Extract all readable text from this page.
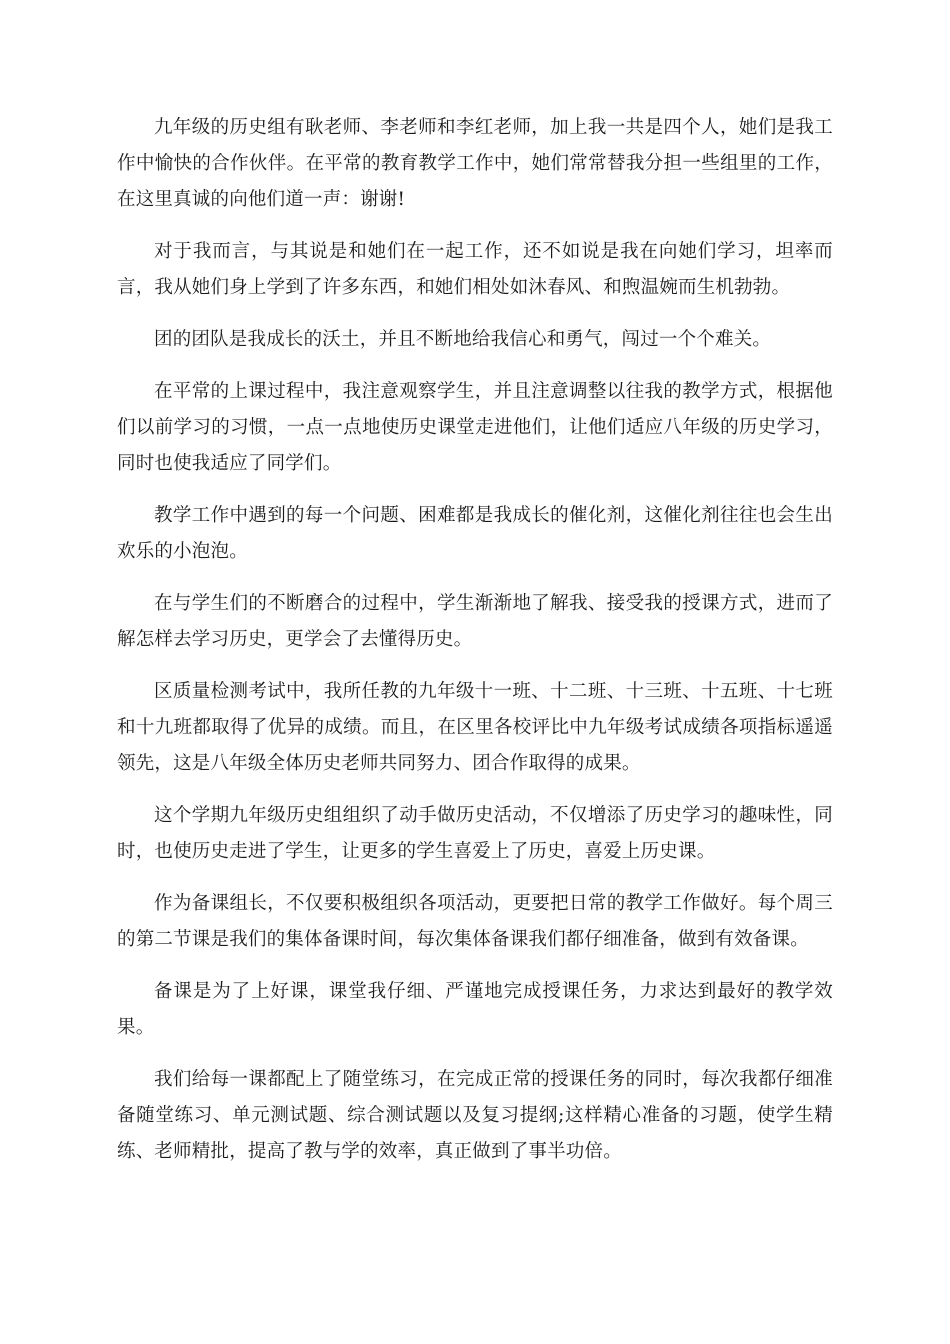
九年级的历史组有耿老师、李老师和李红老师，加上我一共是四个人，她们是我工作中愉快的合作伙伴。在平常的教育教学工作中，她们常常替我分担一些组里的工作，在这里真诚的向他们道一声：谢谢!

对于我而言，与其说是和她们在一起工作，还不如说是我在向她们学习，坦率而言，我从她们身上学到了许多东西，和她们相处如沐春风、和煦温婉而生机勃勃。

团的团队是我成长的沃土，并且不断地给我信心和勇气，闯过一个个难关。

在平常的上课过程中，我注意观察学生，并且注意调整以往我的教学方式，根据他们以前学习的习惯，一点一点地使历史课堂走进他们，让他们适应八年级的历史学习，同时也使我适应了同学们。

教学工作中遇到的每一个问题、困难都是我成长的催化剂，这催化剂往往也会生出欢乐的小泡泡。

在与学生们的不断磨合的过程中，学生渐渐地了解我、接受我的授课方式，进而了解怎样去学习历史，更学会了去懂得历史。

区质量检测考试中，我所任教的九年级十一班、十二班、十三班、十五班、十七班和十九班都取得了优异的成绩。而且，在区里各校评比中九年级考试成绩各项指标遥遥领先，这是八年级全体历史老师共同努力、团合作取得的成果。

这个学期九年级历史组组织了动手做历史活动，不仅增添了历史学习的趣味性，同时，也使历史走进了学生，让更多的学生喜爱上了历史，喜爱上历史课。

作为备课组长，不仅要积极组织各项活动，更要把日常的教学工作做好。每个周三的第二节课是我们的集体备课时间，每次集体备课我们都仔细准备，做到有效备课。

备课是为了上好课，课堂我仔细、严谨地完成授课任务，力求达到最好的教学效果。

我们给每一课都配上了随堂练习，在完成正常的授课任务的同时，每次我都仔细准备随堂练习、单元测试题、综合测试题以及复习提纲;这样精心准备的习题，使学生精练、老师精批，提高了教与学的效率，真正做到了事半功倍。
